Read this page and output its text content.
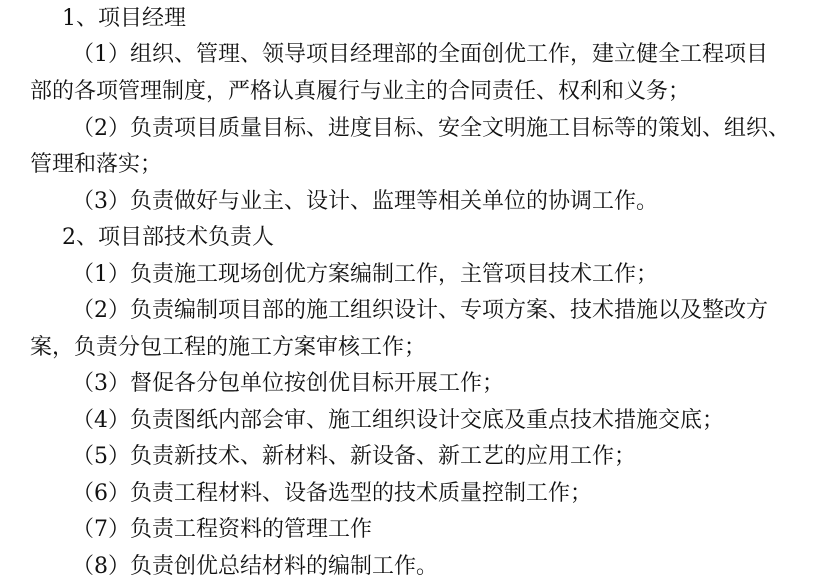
1、项目经理
（1）组织、管理、领导项目经理部的全面创优工作，建立健全工程项目
部的各项管理制度，严格认真履行与业主的合同责任、权利和义务；
（2）负责项目质量目标、进度目标、安全文明施工目标等的策划、组织、
管理和落实；
（3）负责做好与业主、设计、监理等相关单位的协调工作。
2、项目部技术负责人
（1）负责施工现场创优方案编制工作，主管项目技术工作；
（2）负责编制项目部的施工组织设计、专项方案、技术措施以及整改方
案，负责分包工程的施工方案审核工作；
（3）督促各分包单位按创优目标开展工作；
（4）负责图纸内部会审、施工组织设计交底及重点技术措施交底；
（5）负责新技术、新材料、新设备、新工艺的应用工作；
（6）负责工程材料、设备选型的技术质量控制工作；
（7）负责工程资料的管理工作
（8）负责创优总结材料的编制工作。
